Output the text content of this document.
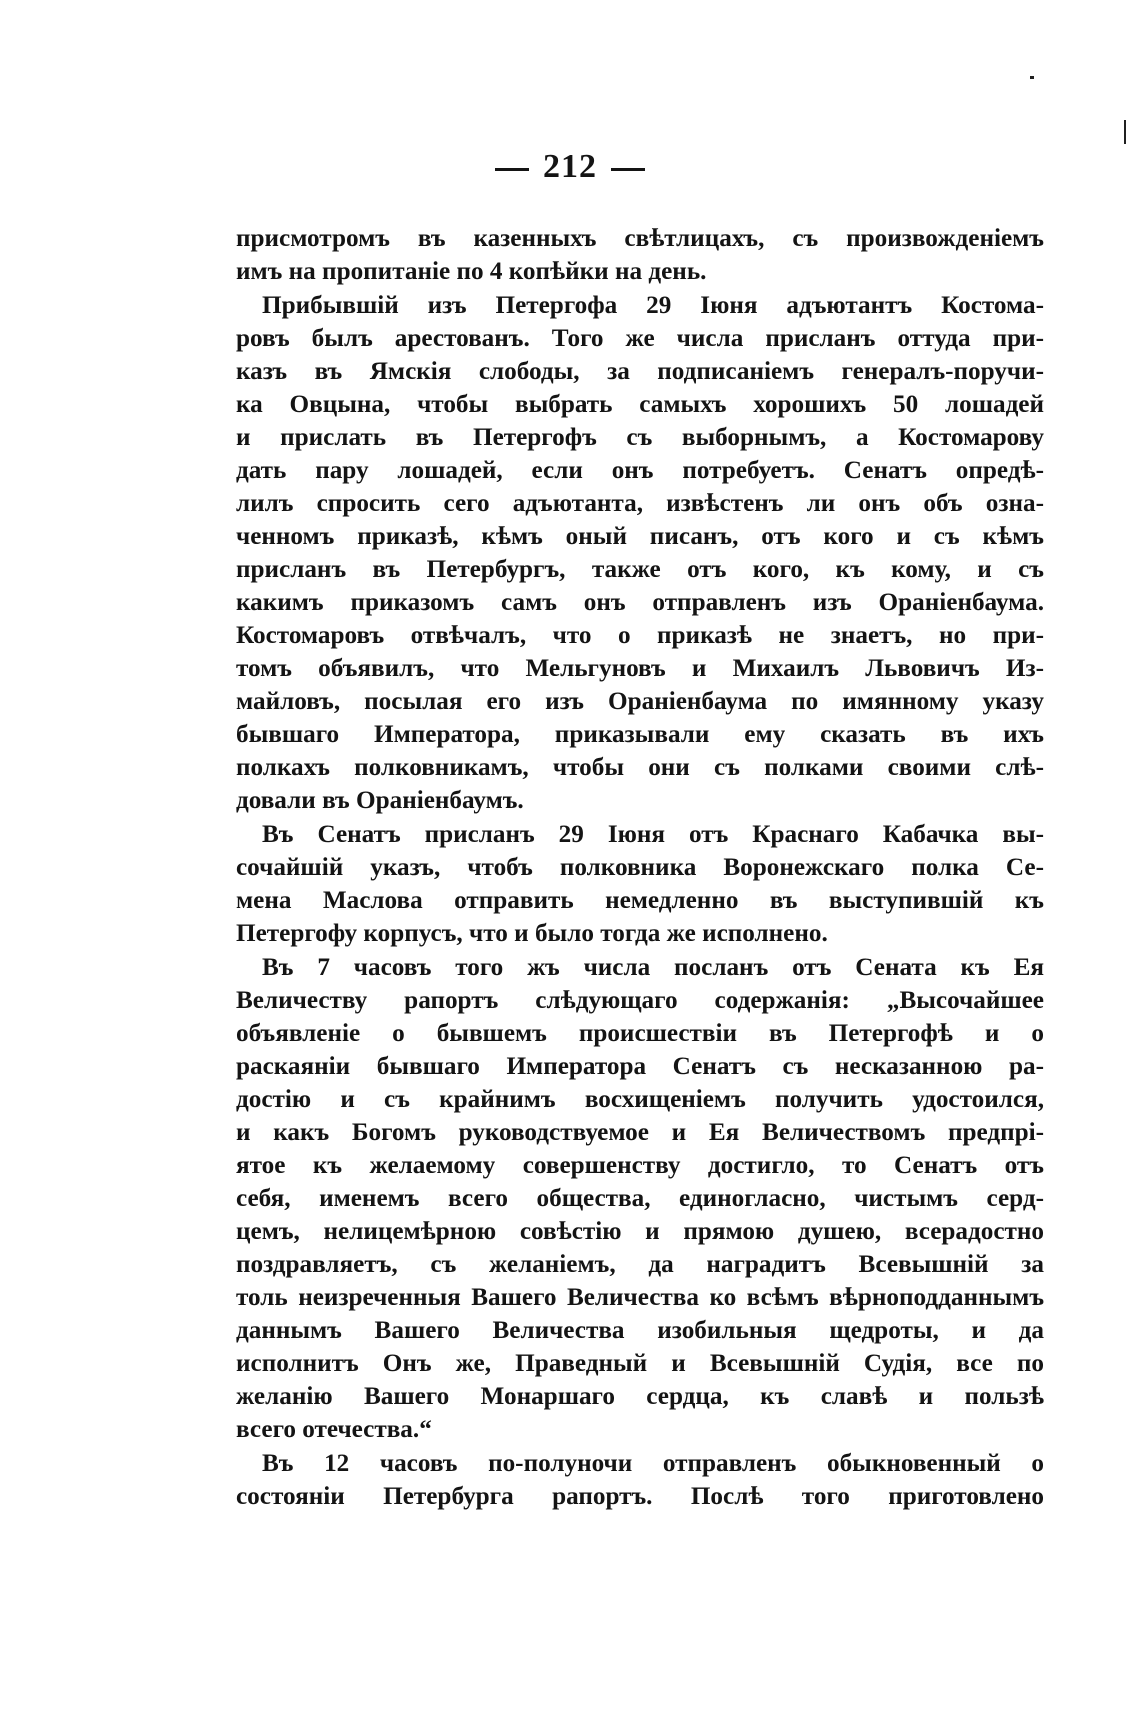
212
присмотромъ въ казенныхъ свѣтлицахъ, съ произвожденіемъ
имъ на пропитаніе по 4 копѣйки на день.
Прибывшій изъ Петергофа 29 Іюня адъютантъ Костома-
ровъ былъ арестованъ. Того же числа присланъ оттуда при-
казъ въ Ямскія слободы, за подписаніемъ генералъ-поручи-
ка Овцына, чтобы выбрать самыхъ хорошихъ 50 лошадей
и прислать въ Петергофъ съ выборнымъ, а Костомарову
дать пару лошадей, если онъ потребуетъ. Сенатъ опредѣ-
лилъ спросить сего адъютанта, извѣстенъ ли онъ объ озна-
ченномъ приказѣ, кѣмъ оный писанъ, отъ кого и съ кѣмъ
присланъ въ Петербургъ, также отъ кого, къ кому, и съ
какимъ приказомъ самъ онъ отправленъ изъ Ораніенбаума.
Костомаровъ отвѣчалъ, что о приказѣ не знаетъ, но при-
томъ объявилъ, что Мельгуновъ и Михаилъ Львовичъ Из-
майловъ, посылая его изъ Ораніенбаума по имянному указу
бывшаго Императора, приказывали ему сказать въ ихъ
полкахъ полковникамъ, чтобы они съ полками своими слѣ-
довали въ Ораніенбаумъ.
Въ Сенатъ присланъ 29 Іюня отъ Краснаго Кабачка вы-
сочайшій указъ, чтобъ полковника Воронежскаго полка Се-
мена Маслова отправить немедленно въ выступившій къ
Петергофу корпусъ, что и было тогда же исполнено.
Въ 7 часовъ того жъ числа посланъ отъ Сената къ Ея
Величеству рапортъ слѣдующаго содержанія: „Высочайшее
объявленіе о бывшемъ происшествіи въ Петергофѣ и о
раскаяніи бывшаго Императора Сенатъ съ несказанною ра-
достію и съ крайнимъ восхищеніемъ получить удостоился,
и какъ Богомъ руководствуемое и Ея Величествомъ предпрі-
ятое къ желаемому совершенству достигло, то Сенатъ отъ
себя, именемъ всего общества, единогласно, чистымъ серд-
цемъ, нелицемѣрною совѣстію и прямою душею, всерадостно
поздравляетъ, съ желаніемъ, да наградитъ Всевышній за
толь неизреченныя Вашего Величества ко всѣмъ вѣрноподданнымъ
даннымъ Вашего Величества изобильныя щедроты, и да
исполнитъ Онъ же, Праведный и Всевышній Судія, все по
желанію Вашего Монаршаго сердца, къ славѣ и пользѣ
всего отечества.“
Въ 12 часовъ по-полуночи отправленъ обыкновенный о
состояніи Петербурга рапортъ. Послѣ того приготовлено
